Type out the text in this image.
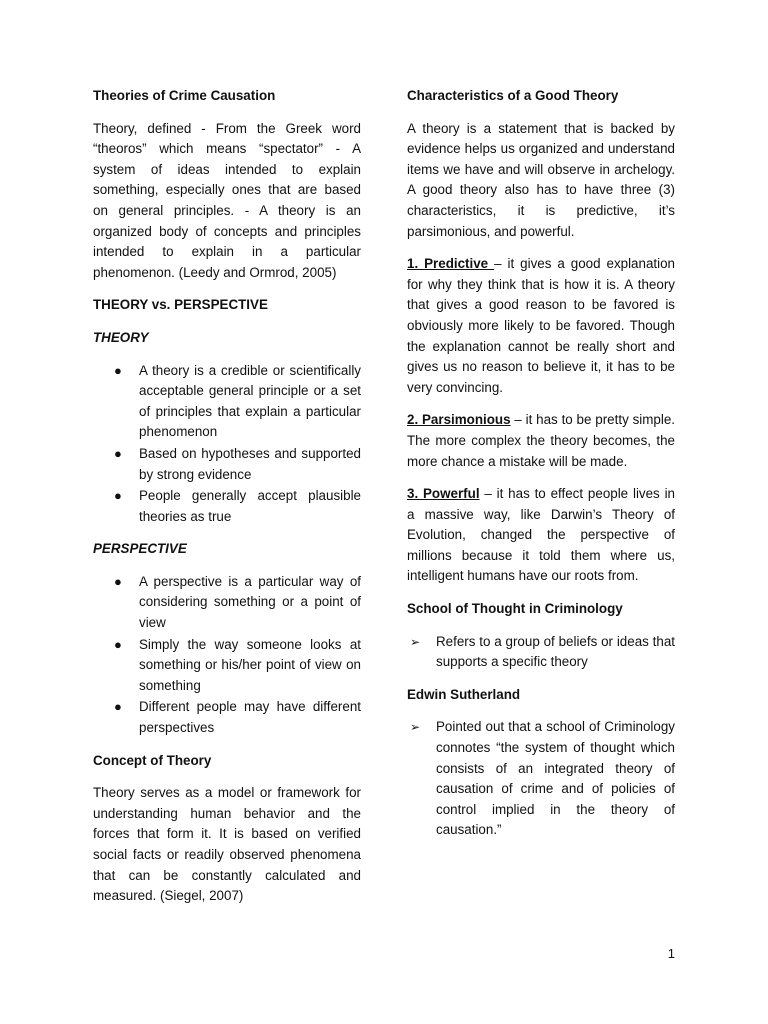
Theories of Crime Causation
Theory, defined - From the Greek word “theoros” which means “spectator” - A system of ideas intended to explain something, especially ones that are based on general principles. - A theory is an organized body of concepts and principles intended to explain in a particular phenomenon. (Leedy and Ormrod, 2005)
THEORY vs. PERSPECTIVE
THEORY
● A theory is a credible or scientifically acceptable general principle or a set of principles that explain a particular phenomenon
● Based on hypotheses and supported by strong evidence
● People generally accept plausible theories as true
PERSPECTIVE
● A perspective is a particular way of considering something or a point of view
● Simply the way someone looks at something or his/her point of view on something
● Different people may have different perspectives
Concept of Theory
Theory serves as a model or framework for understanding human behavior and the forces that form it. It is based on verified social facts or readily observed phenomena that can be constantly calculated and measured. (Siegel, 2007)
Characteristics of a Good Theory
A theory is a statement that is backed by evidence helps us organized and understand items we have and will observe in archelogy. A good theory also has to have three (3) characteristics, it is predictive, it’s parsimonious, and powerful.
1. Predictive – it gives a good explanation for why they think that is how it is. A theory that gives a good reason to be favored is obviously more likely to be favored. Though the explanation cannot be really short and gives us no reason to believe it, it has to be very convincing.
2. Parsimonious – it has to be pretty simple. The more complex the theory becomes, the more chance a mistake will be made.
3. Powerful – it has to effect people lives in a massive way, like Darwin’s Theory of Evolution, changed the perspective of millions because it told them where us, intelligent humans have our roots from.
School of Thought in Criminology
➢ Refers to a group of beliefs or ideas that supports a specific theory
Edwin Sutherland
➢ Pointed out that a school of Criminology connotes “the system of thought which consists of an integrated theory of causation of crime and of policies of control implied in the theory of causation.”
1
